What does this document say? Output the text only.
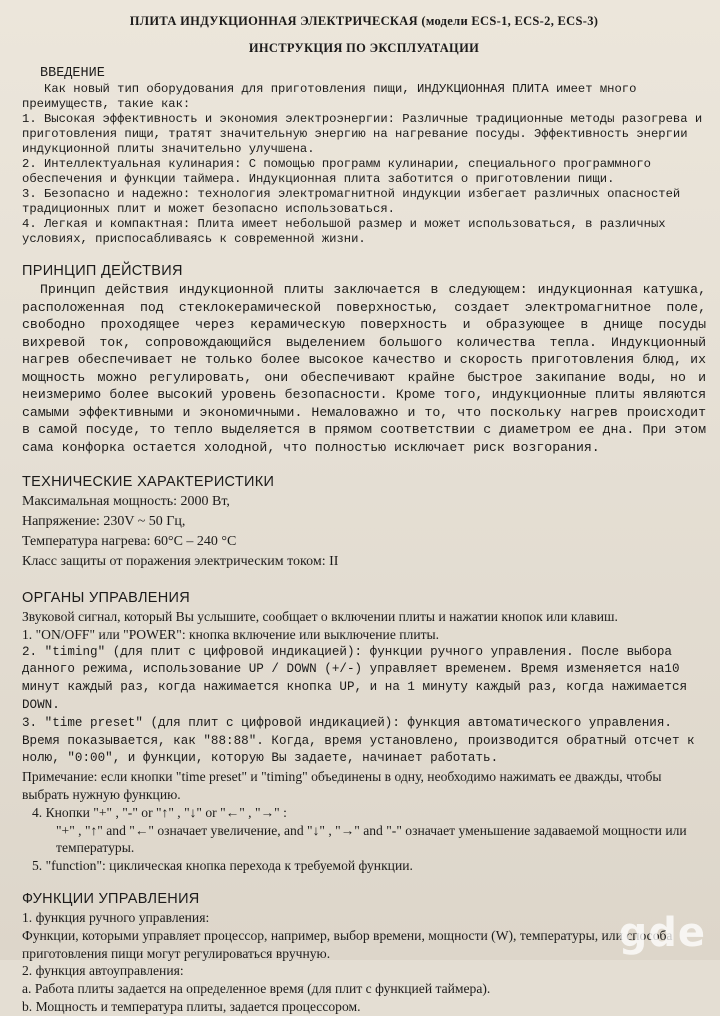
ПЛИТА ИНДУКЦИОННАЯ ЭЛЕКТРИЧЕСКАЯ (модели ECS-1, ECS-2, ECS-3)
ИНСТРУКЦИЯ ПО ЭКСПЛУАТАЦИИ
ВВЕДЕНИЕ

Как новый тип оборудования для приготовления пищи, ИНДУКЦИОННАЯ ПЛИТА имеет много преимуществ, такие как:

1. Высокая эффективность и экономия электроэнергии: Различные традиционные методы разогрева и приготовления пищи, тратят значительную энергию на нагревание посуды. Эффективность энергии индукционной плиты значительно улучшена.

2. Интеллектуальная кулинария: С помощью программ кулинарии, специального программного обеспечения и функции таймера. Индукционная плита заботится о приготовлении пищи.

3. Безопасно и надежно: технология электромагнитной индукции избегает различных опасностей традиционных плит и может безопасно использоваться.

4. Легкая и компактная: Плита имеет небольшой размер и может использоваться, в различных условиях, приспосабливаясь к современной жизни.

ПРИНЦИП ДЕЙСТВИЯ

Принцип действия индукционной плиты заключается в следующем: индукционная катушка, расположенная под стеклокерамической поверхностью, создает электромагнитное поле, свободно проходящее через керамическую поверхность и образующее в днище посуды вихревой ток, сопровождающийся выделением большого количества тепла. Индукционный нагрев обеспечивает не только более высокое качество и скорость приготовления блюд, их мощность можно регулировать, они обеспечивают крайне быстрое закипание воды, но и неизмеримо более высокий уровень безопасности. Кроме того, индукционные плиты являются самыми эффективными и экономичными. Немаловажно и то, что поскольку нагрев происходит в самой посуде, то тепло выделяется в прямом соответствии с диаметром ее дна. При этом сама конфорка остается холодной, что полностью исключает риск возгорания.

ТЕХНИЧЕСКИЕ ХАРАКТЕРИСТИКИ

Максимальная мощность: 2000 Вт,

Напряжение: 230V ~ 50 Гц,

Температура нагрева: 60°С – 240 °С

Класс защиты от поражения электрическим током: II

ОРГАНЫ УПРАВЛЕНИЯ

Звуковой сигнал, который Вы услышите, сообщает о включении плиты и нажатии кнопок или клавиш.

1. "ON/OFF" или "POWER": кнопка включение или выключение плиты.

2. "timing" (для плит с цифровой индикацией): функции ручного управления. После выбора данного режима, использование UP / DOWN (+/-) управляет временем. Время изменяется на10 минут каждый раз, когда нажимается кнопка UP, и на 1 минуту каждый раз, когда нажимается DOWN.

3. "time preset" (для плит с цифровой индикацией): функция автоматического управления. Время показывается, как "88:88". Когда, время установлено, производится обратный отсчет к нолю, "0:00", и функции, которую Вы задаете, начинает работать.

Примечание: если кнопки "time preset" и "timing" объединены в одну, необходимо нажимать ее дважды, чтобы выбрать нужную функцию.

4. Кнопки "+" , "-" or "↑" , "↓" or "←" , "→" :

"+" , "↑" and "←" означает увеличение, and "↓" , "→" and "-" означает уменьшение задаваемой мощности или температуры.

5. "function": циклическая кнопка перехода к требуемой функции.

ФУНКЦИИ УПРАВЛЕНИЯ

1. функция ручного управления:

Функции, которыми управляет процессор, например, выбор времени, мощности (W), температуры, или способа приготовления пищи могут регулироваться вручную.

2. функция автоуправления:

a. Работа плиты задается на определенное время (для плит с функцией таймера).

b. Мощность и температура плиты, задается процессором.

gde
